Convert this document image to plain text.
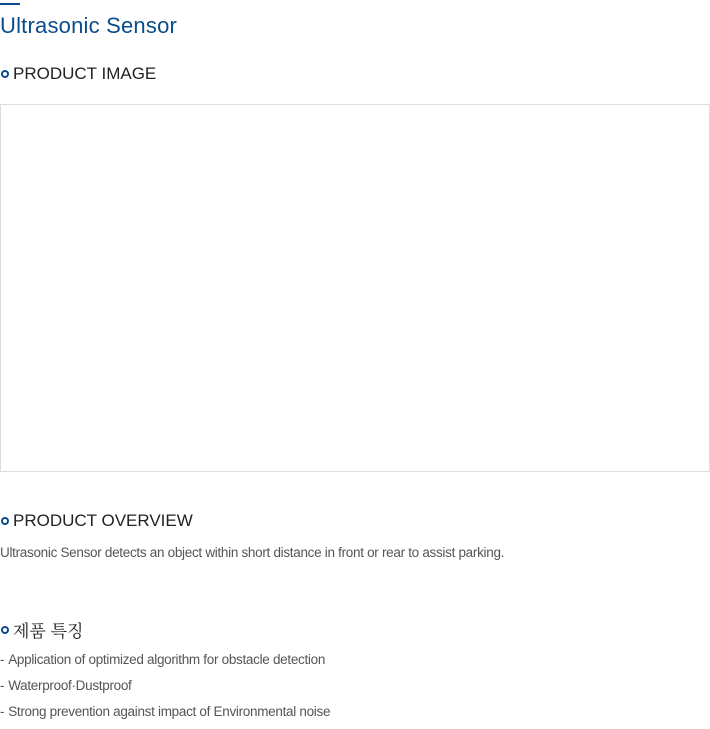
Ultrasonic Sensor
PRODUCT IMAGE
PRODUCT OVERVIEW

Ultrasonic Sensor detects an object within short distance in front or rear to assist parking.

제품 특징
- Application of optimized algorithm for obstacle detection
- Waterproof·Dustproof
- Strong prevention against impact of Environmental noise
